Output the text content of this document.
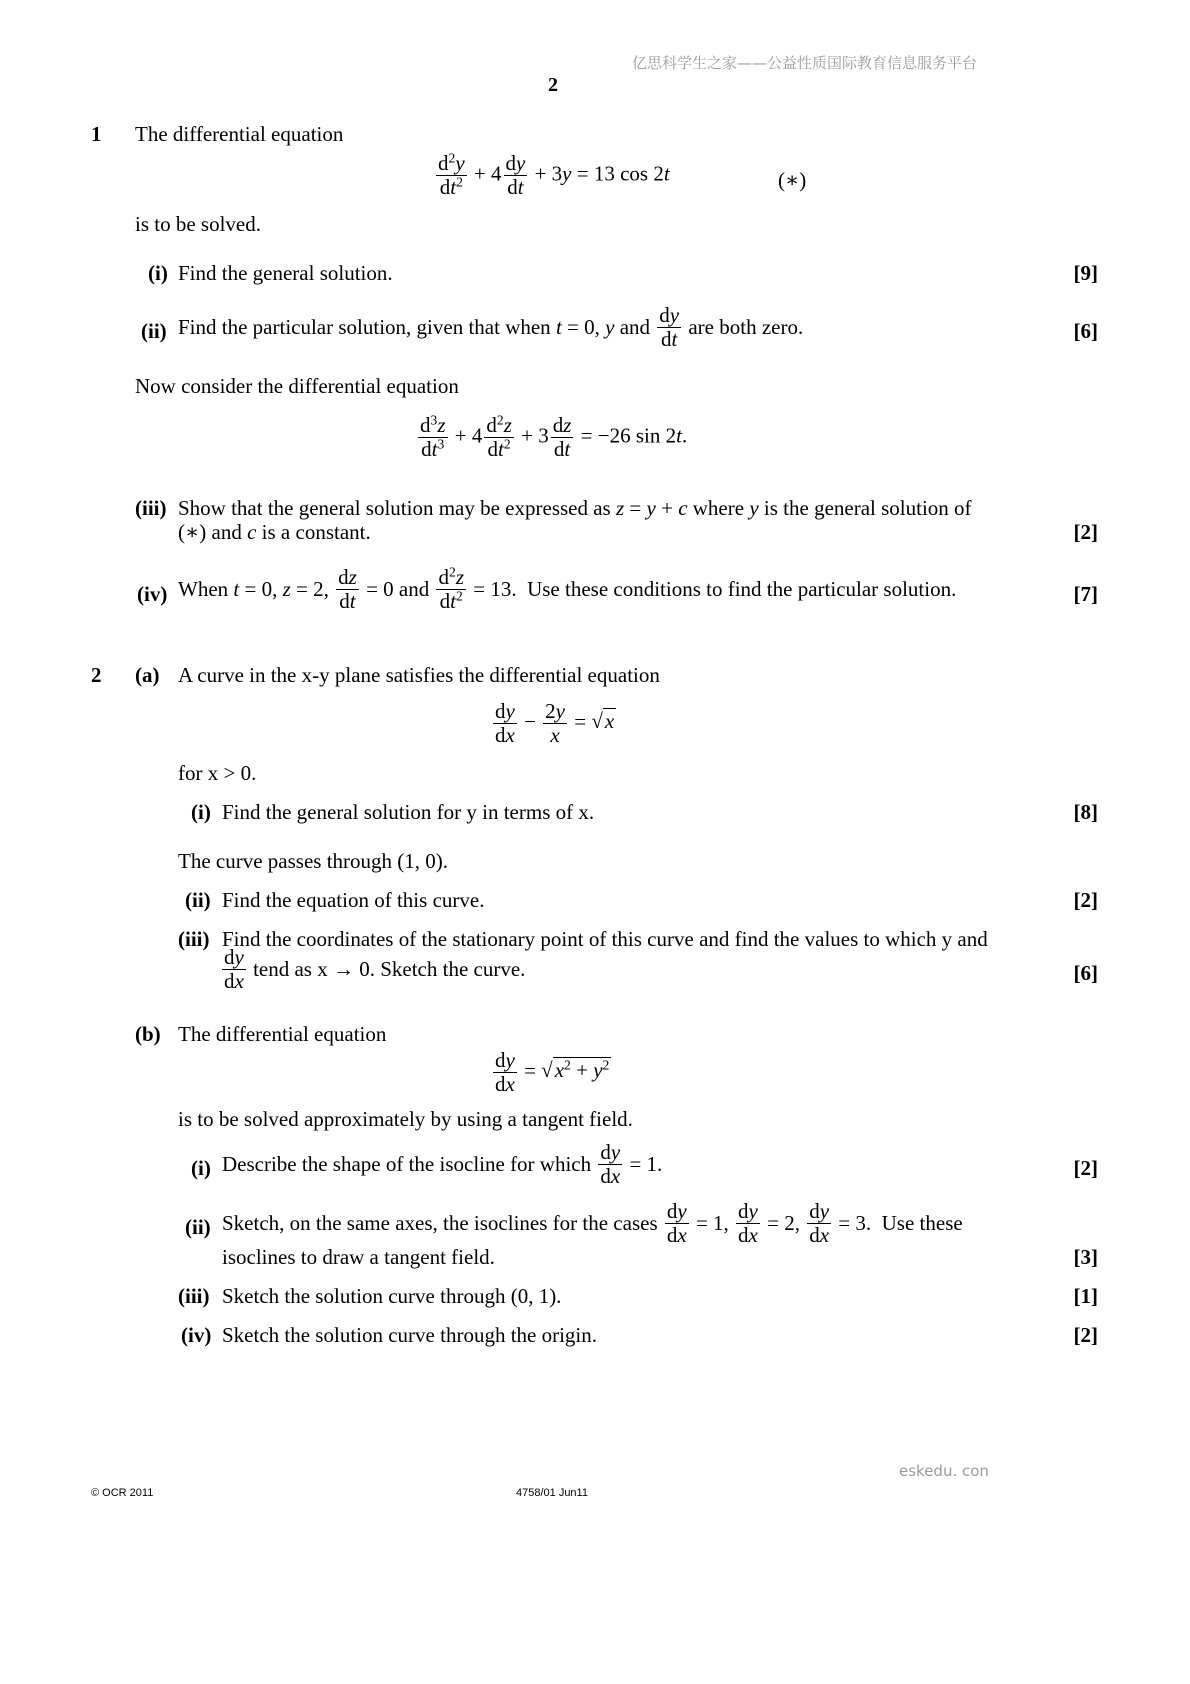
亿思科学生之家——公益性质国际教育信息服务平台
2
1 The differential equation
$\frac{d^2y}{dt^2} + 4 \frac{dy}{dt} + 3y = 13$ cos 2t	(∗)
is to be solved.
(i) Find the general solution.	[9]
(ii) Find the particular solution, given that when t = 0, y and $\frac{dy}{dt}$ are both zero.	[6]
Now consider the differential equation
$\frac{d^3z}{dt^3} + 4 \frac{d^2z}{dt^2} + 3 \frac{dz}{dt} = -26$ sin 2t.
(iii) Show that the general solution may be expressed as z = y + c where y is the general solution of
(∗) and c is a constant.	[2]
(iv) When t = 0, z = 2, $\frac{dz}{dt} = 0$ and $\frac{d^2z}{dt^2} = 13$.  Use these conditions to find the particular solution.	[7]
2 (a) A curve in the x-y plane satisfies the differential equation
$\frac{dy}{dx} - \frac{2y}{x} = √x$
for x > 0.
(i) Find the general solution for y in terms of x.	[8]
The curve passes through (1, 0).
(ii) Find the equation of this curve.	[2]
(iii) Find the coordinates of the stationary point of this curve and find the values to which y and
$\frac{dy}{dx}$ tend as x → 0. Sketch the curve.	[6]
(b) The differential equation
$\frac{dy}{dx} = √x^2 + y^2$
is to be solved approximately by using a tangent field.
(i) Describe the shape of the isocline for which $\frac{dy}{dx} = 1$.	[2]
(ii) Sketch, on the same axes, the isoclines for the cases $\frac{dy}{dx} = 1$, $\frac{dy}{dx} = 2$, $\frac{dy}{dx} = 3$.  Use these
isoclines to draw a tangent field.	[3]
(iii) Sketch the solution curve through (0, 1).	[1]
(iv) Sketch the solution curve through the origin.	[2]
eskedu. con
© OCR 2011	4758/01 Jun11
